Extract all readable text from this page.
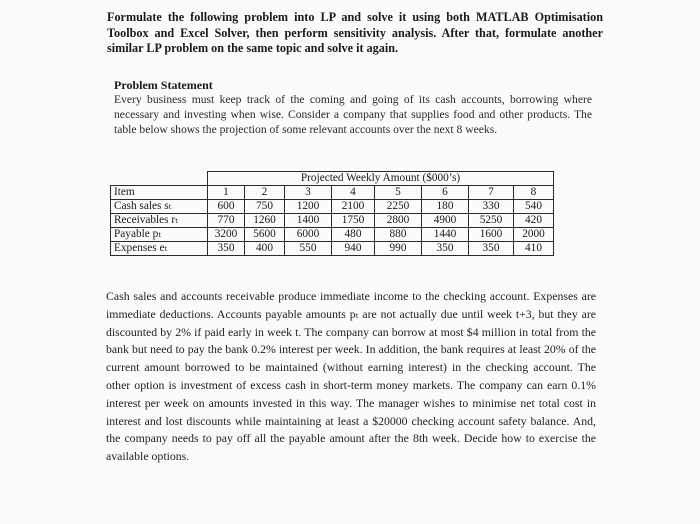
Formulate the following problem into LP and solve it using both MATLAB Optimisation Toolbox and Excel Solver, then perform sensitivity analysis. After that, formulate another similar LP problem on the same topic and solve it again.
Problem Statement
Every business must keep track of the coming and going of its cash accounts, borrowing where necessary and investing when wise. Consider a company that supplies food and other products. The table below shows the projection of some relevant accounts over the next 8 weeks.
	Projected Weekly Amount ($000’s)							
Item	1	2	3	4	5	6	7	8
Cash sales sₜ	600	750	1200	2100	2250	180	330	540
Receivables rₜ	770	1260	1400	1750	2800	4900	5250	420
Payable pₜ	3200	5600	6000	480	880	1440	1600	2000
Expenses eₜ	350	400	550	940	990	350	350	410
Cash sales and accounts receivable produce immediate income to the checking account. Expenses are immediate deductions. Accounts payable amounts pₜ are not actually due until week t+3, but they are discounted by 2% if paid early in week t. The company can borrow at most $4 million in total from the bank but need to pay the bank 0.2% interest per week. In addition, the bank requires at least 20% of the current amount borrowed to be maintained (without earning interest) in the checking account. The other option is investment of excess cash in short-term money markets. The company can earn 0.1% interest per week on amounts invested in this way. The manager wishes to minimise net total cost in interest and lost discounts while maintaining at least a $20000 checking account safety balance. And, the company needs to pay off all the payable amount after the 8th week. Decide how to exercise the available options.
